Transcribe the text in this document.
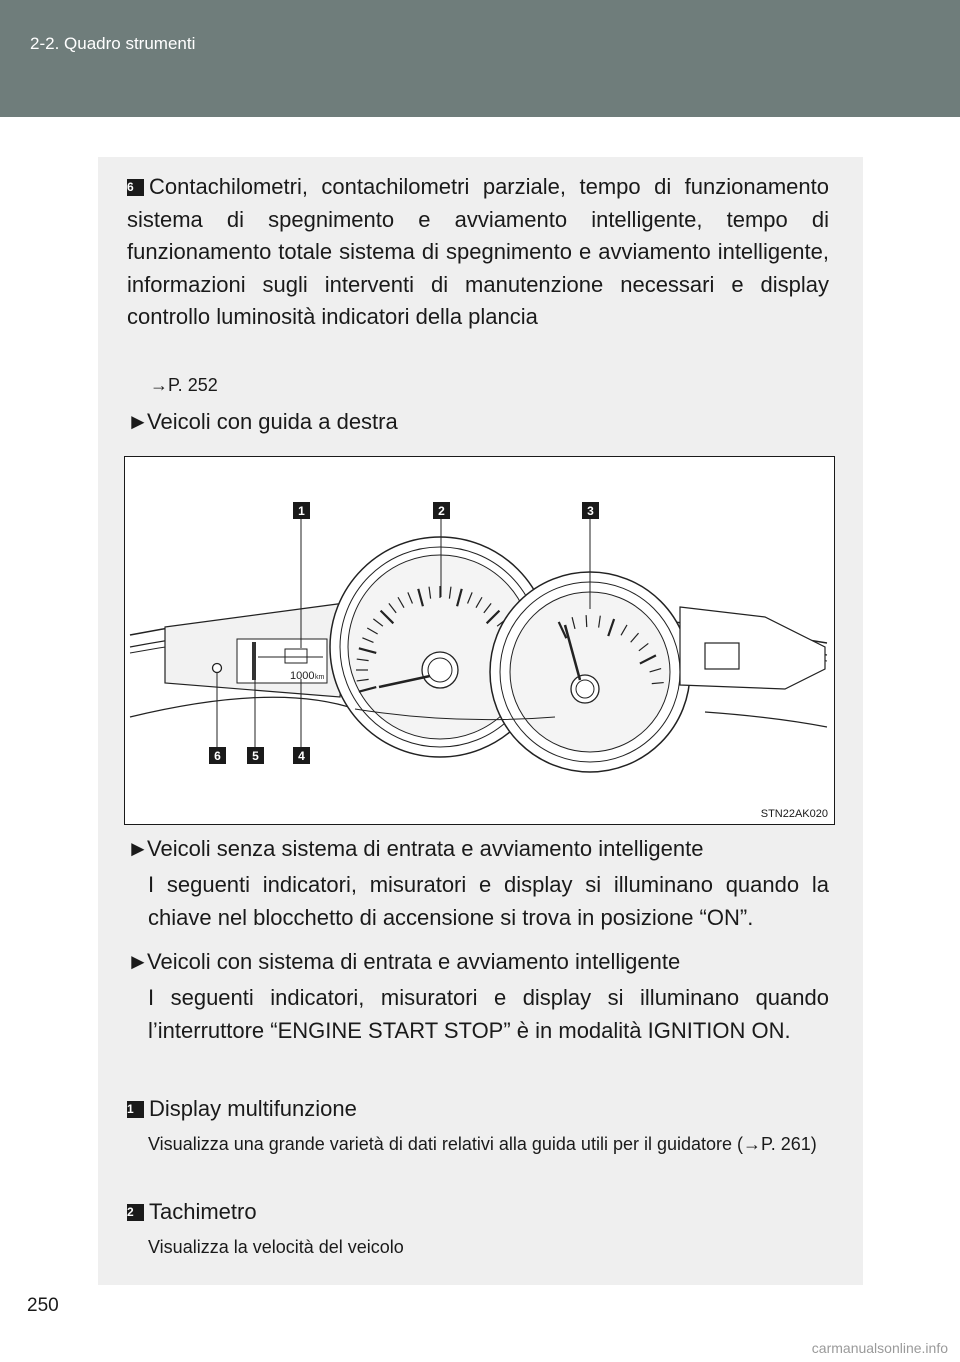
2-2. Quadro strumenti
6 Contachilometri, contachilometri parziale, tempo di funzionamento sistema di spegnimento e avviamento intelligente, tempo di funzionamento totale sistema di spegnimento e avviamento intelligente, informazioni sugli interventi di manutenzione necessari e display controllo luminosità indicatori della plancia
→P. 252
►Veicoli con guida a destra
1000 km
1	2	3
4
5
6
STN22AK020
►Veicoli senza sistema di entrata e avviamento intelligente
I seguenti indicatori, misuratori e display si illuminano quando la chiave nel blocchetto di accensione si trova in posizione “ON”.
►Veicoli con sistema di entrata e avviamento intelligente
I seguenti indicatori, misuratori e display si illuminano quando l’interruttore “ENGINE START STOP” è in modalità IGNITION ON.
1 Display multifunzione
Visualizza una grande varietà di dati relativi alla guida utili per il guidatore (→P. 261)
2 Tachimetro
Visualizza la velocità del veicolo
250
carmanualsonline.info
